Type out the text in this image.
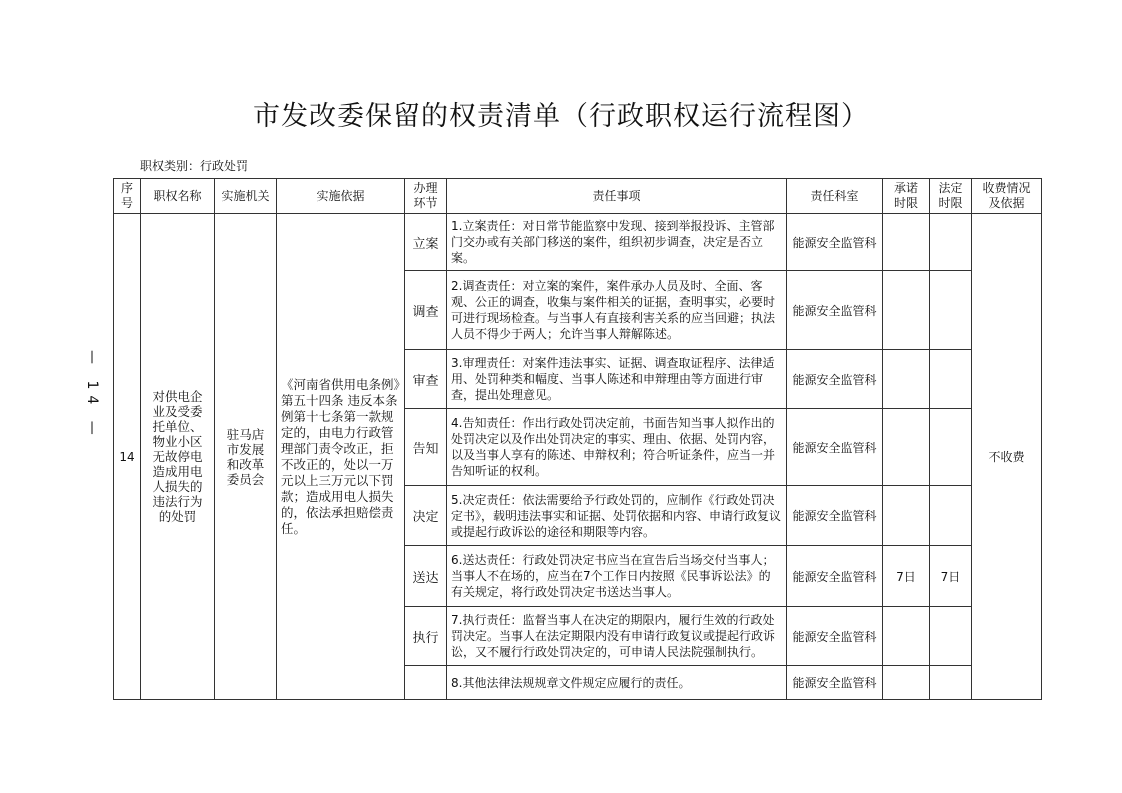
市发改委保留的权责清单（行政职权运行流程图）
职权类别：行政处罚
— 14 —
序号	职权名称	实施机关	实施依据	办理环节	责任事项	责任科室	承诺时限	法定时限	收费情况及依据
14	对供电企业及受委托单位、物业小区无故停电造成用电人损失的违法行为的处罚	驻马店市发展和改革委员会	《河南省供用电条例》第五十四条 违反本条例第十七条第一款规定的，由电力行政管理部门责令改正，拒不改正的，处以一万元以上三万元以下罚款；造成用电人损失的，依法承担赔偿责任。	立案	1.立案责任：对日常节能监察中发现、接到举报投诉、主管部门交办或有关部门移送的案件，组织初步调查，决定是否立案。	能源安全监管科			不收费
				调查	2.调查责任：对立案的案件，案件承办人员及时、全面、客观、公正的调查，收集与案件相关的证据，查明事实，必要时可进行现场检查。与当事人有直接利害关系的应当回避；执法人员不得少于两人；允许当事人辩解陈述。	能源安全监管科			
				审查	3.审理责任：对案件违法事实、证据、调查取证程序、法律适用、处罚种类和幅度、当事人陈述和申辩理由等方面进行审查，提出处理意见。	能源安全监管科			
				告知	4.告知责任：作出行政处罚决定前，书面告知当事人拟作出的处罚决定以及作出处罚决定的事实、理由、依据、处罚内容，以及当事人享有的陈述、申辩权利；符合听证条件，应当一并告知听证的权利。	能源安全监管科			
				决定	5.决定责任：依法需要给予行政处罚的，应制作《行政处罚决定书》，载明违法事实和证据、处罚依据和内容、申请行政复议或提起行政诉讼的途径和期限等内容。	能源安全监管科			
				送达	6.送达责任：行政处罚决定书应当在宣告后当场交付当事人；当事人不在场的，应当在7个工作日内按照《民事诉讼法》的有关规定，将行政处罚决定书送达当事人。	能源安全监管科	7日	7日	
				执行	7.执行责任：监督当事人在决定的期限内，履行生效的行政处罚决定。当事人在法定期限内没有申请行政复议或提起行政诉讼，又不履行行政处罚决定的，可申请人民法院强制执行。	能源安全监管科			
					8.其他法律法规规章文件规定应履行的责任。	能源安全监管科			
